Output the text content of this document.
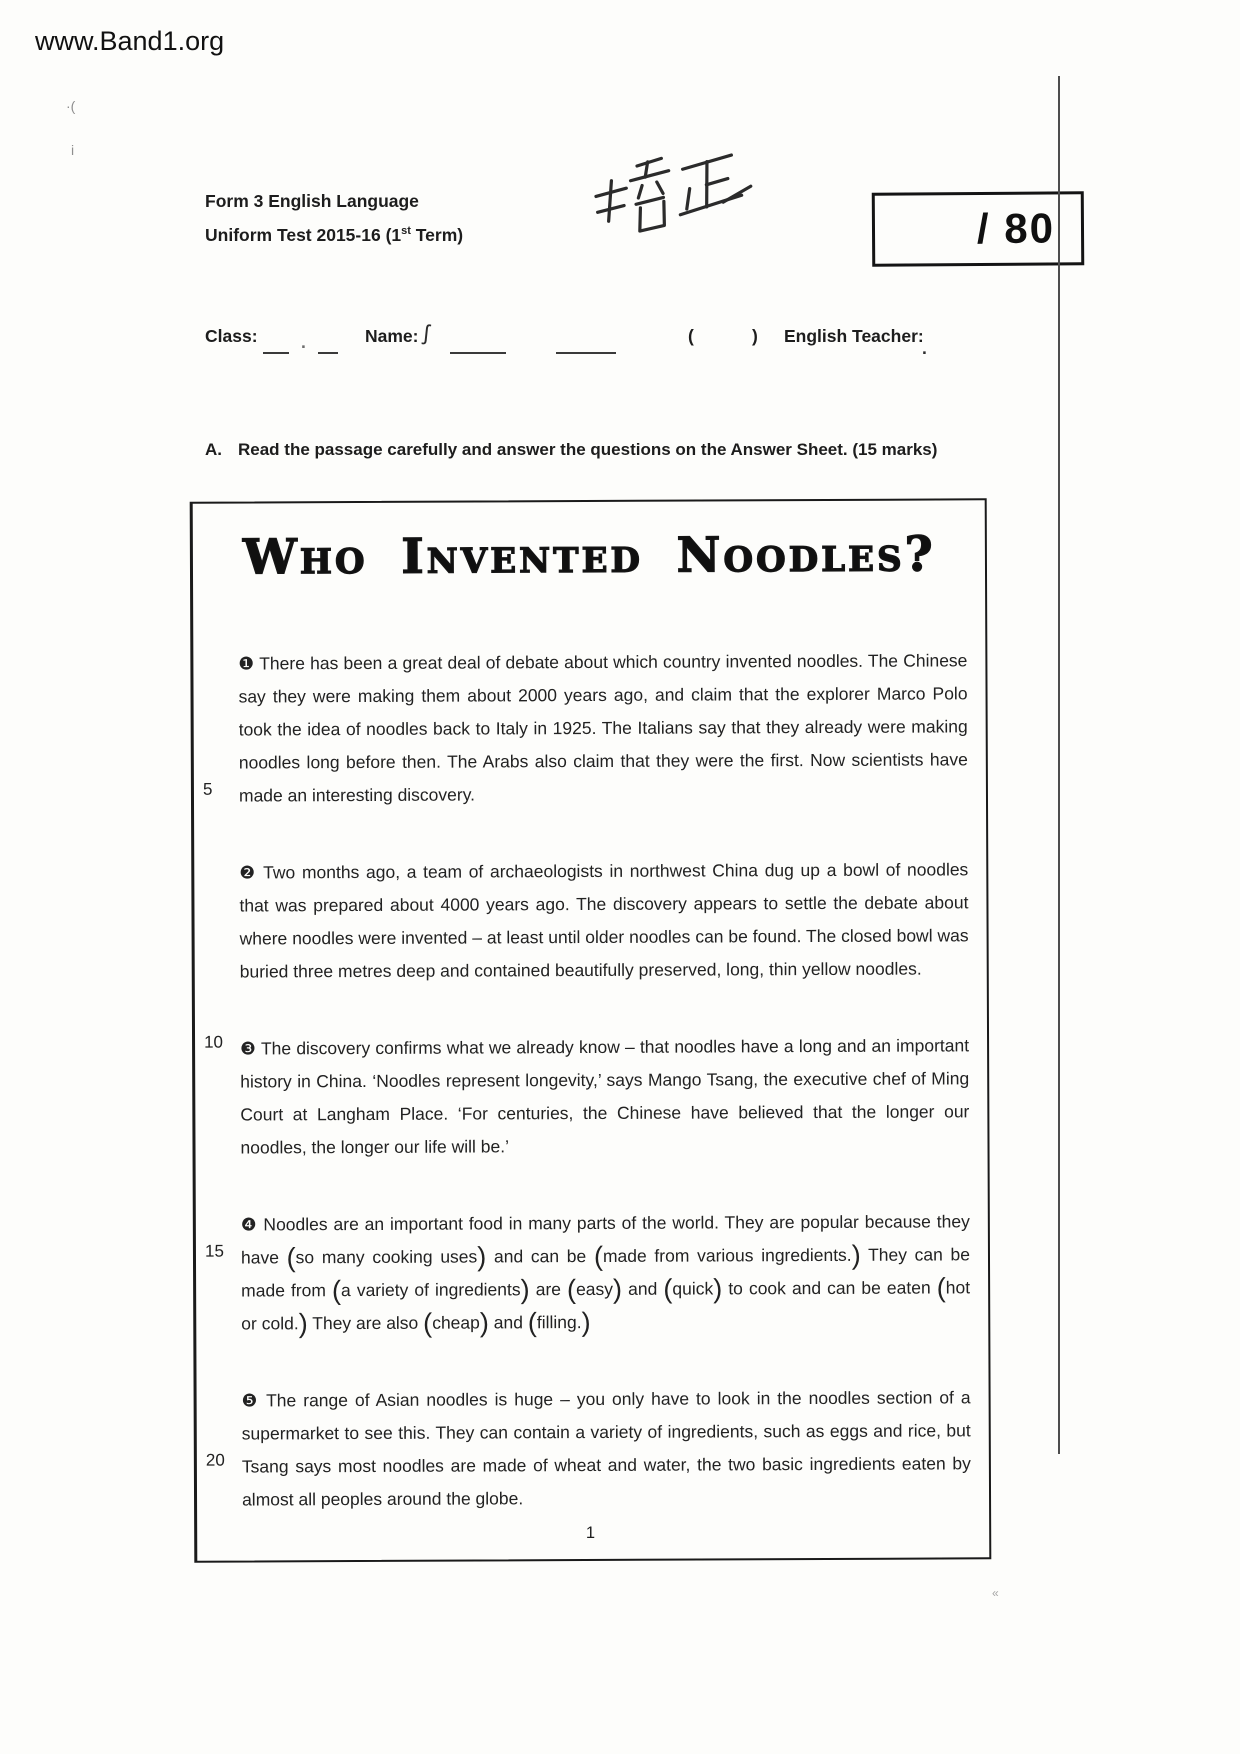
www.Band1.org
·(
i
«
Form 3 English Language
Uniform Test 2015-16 (1st Term)	/ 80
Class: .	Name: ʃ	(	) English Teacher:
.
A. Read the passage carefully and answer the questions on the Answer Sheet. (15 marks)
Who Invented Noodles?
5

❶ There has been a great deal of debate about which country invented noodles. The Chinese say they were making them about 2000 years ago, and claim that the explorer Marco Polo took the idea of noodles back to Italy in 1925. The Italians say that they already were making noodles long before then. The Arabs also claim that they were the first. Now scientists have made an interesting discovery.

❷ Two months ago, a team of archaeologists in northwest China dug up a bowl of noodles that was prepared about 4000 years ago. The discovery appears to settle the debate about where noodles were invented – at least until older noodles can be found. The closed bowl was buried three metres deep and contained beautifully preserved, long, thin yellow noodles.

10 ❸ The discovery confirms what we already know – that noodles have a long and an important history in China. ‘Noodles represent longevity,’ says Mango Tsang, the executive chef of Ming Court at Langham Place. ‘For centuries, the Chinese have believed that the longer our noodles, the longer our life will be.’

15

❹ Noodles are an important food in many parts of the world. They are popular because they have (so many cooking uses) and can be (made from various ingredients.) They can be made from (a variety of ingredients) are (easy) and (quick) to cook and can be eaten (hot or cold.) They are also (cheap) and (filling.)

20

❺ The range of Asian noodles is huge – you only have to look in the noodles section of a supermarket to see this. They can contain a variety of ingredients, such as eggs and rice, but Tsang says most noodles are made of wheat and water, the two basic ingredients eaten by almost all peoples around the globe.

1
